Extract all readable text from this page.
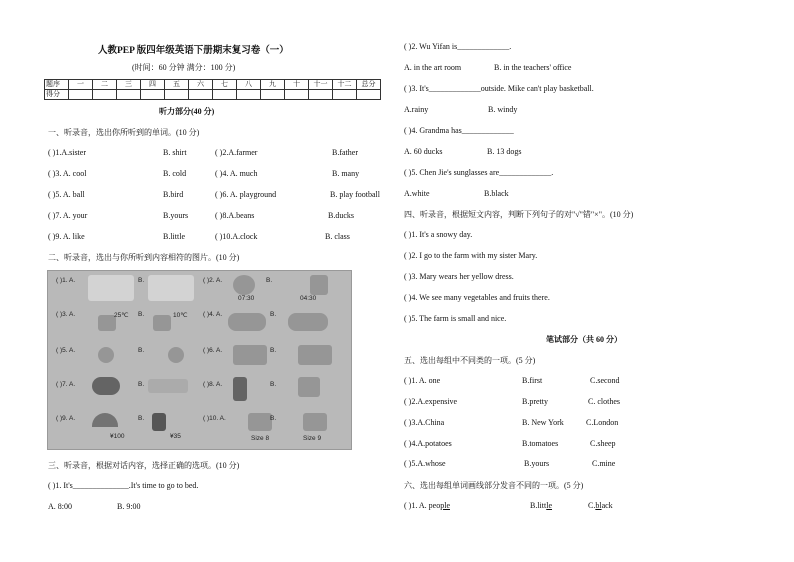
人教PEP 版四年级英语下册期末复习卷（一）
(时间：60 分钟 满分：100 分)
题序	一	二	三	四	五	六	七	八	九	十	十一	十二	总分
得分													
听力部分(40 分)
一、听录音，选出你所听到的单词。(10 分)
( )1.A.sister	B. shirt	( )2.A.farmer	B.father
( )3. A. cool	B. cold	( )4. A. much	B. many
( )5. A. ball	B.bird	( )6. A. playground	B. play football
( )7. A. your	B.yours	( )8.A.beans	B.ducks
( )9. A. like	B.little	( )10.A.clock	B. class
二、听录音，选出与你所听到内容相符的图片。(10 分)
( )1. A.	B.	( )2. A.
07:30
B.
04:30
( )3. A.	25℃ B.	10℃ ( )4. A.	B.
( )5. A.	B.	( )6. A.	B.
( )7. A.	B.	( )8. A.	B.
( )9. A.
¥100
B.
¥35
( )10. A.
Size 8
B.
Size 9
三、听录音，根据对话内容，选择正确的选项。(10 分)
( )1. It's______________.It's time to go to bed.
A. 8:00	B. 9:00
( )2. Wu Yifan is_____________.
A. in the art room	B. in the teachers' office
( )3. It's_____________outside. Mike can't play basketball.
A.rainy	B. windy
( )4. Grandma has_____________
A. 60 ducks	B. 13 dogs
( )5. Chen Jie's sunglasses are_____________.
A.white	B.black
四、听录音，根据短文内容，判断下列句子的对"√"错"×"。(10 分)
( )1. It's a snowy day.
( )2. I go to the farm with my sister Mary.
( )3. Mary wears her yellow dress.
( )4. We see many vegetables and fruits there.
( )5. The farm is small and nice.
笔试部分（共 60 分）
五、选出每组中不同类的一项。(5 分)
( )1. A. one	B.first	C.second
( )2.A.expensive	B.pretty	C. clothes
( )3.A.China	B. New York	C.London
( )4.A.potatoes	B.tomatoes	C.sheep
( )5.A.whose	B.yours	C.mine
六、选出每组单词画线部分发音不同的一项。(5 分)
( )1. A. people	B.little	C.black
